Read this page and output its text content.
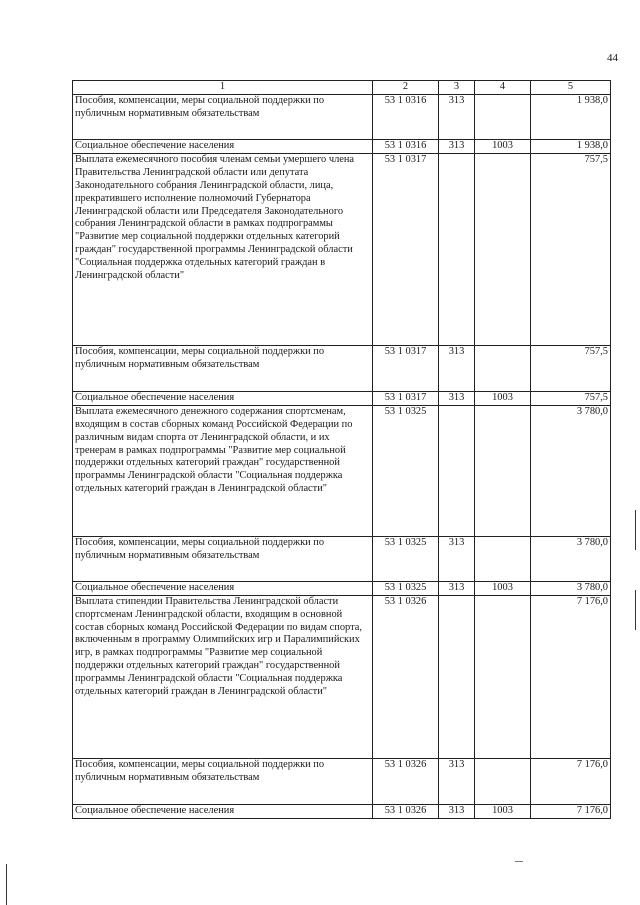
44
1	2	3	4	5
Пособия, компенсации, меры социальной поддержки по публичным нормативным обязательствам	53 1 0316	313		1 938,0
Социальное обеспечение населения	53 1 0316	313	1003	1 938,0
Выплата ежемесячного пособия членам семьи умершего члена Правительства Ленинградской области или депутата Законодательного собрания Ленинградской области, лица, прекратившего исполнение полномочий Губернатора Ленинградской области или Председателя Законодательного собрания Ленинградской области в рамках подпрограммы "Развитие мер социальной поддержки отдельных категорий граждан" государственной программы Ленинградской области "Социальная поддержка отдельных категорий граждан в Ленинградской области"	53 1 0317			757,5
Пособия, компенсации, меры социальной поддержки по публичным нормативным обязательствам	53 1 0317	313		757,5
Социальное обеспечение населения	53 1 0317	313	1003	757,5
Выплата ежемесячного денежного содержания спортсменам, входящим в состав сборных команд Российской Федерации по различным видам спорта от Ленинградской области, и их тренерам в рамках подпрограммы "Развитие мер социальной поддержки отдельных категорий граждан" государственной программы Ленинградской области "Социальная поддержка отдельных категорий граждан в Ленинградской области"	53 1 0325			3 780,0
Пособия, компенсации, меры социальной поддержки по публичным нормативным обязательствам	53 1 0325	313		3 780,0
Социальное обеспечение населения	53 1 0325	313	1003	3 780,0
Выплата стипендии Правительства Ленинградской области спортсменам Ленинградской области, входящим в основной состав сборных команд Российской Федерации по видам спорта, включенным в программу Олимпийских игр и Паралимпийских игр, в рамках подпрограммы "Развитие мер социальной поддержки отдельных категорий граждан" государственной программы Ленинградской области "Социальная поддержка отдельных категорий граждан в Ленинградской области"	53 1 0326			7 176,0
Пособия, компенсации, меры социальной поддержки по публичным нормативным обязательствам	53 1 0326	313		7 176,0
Социальное обеспечение населения	53 1 0326	313	1003	7 176,0
